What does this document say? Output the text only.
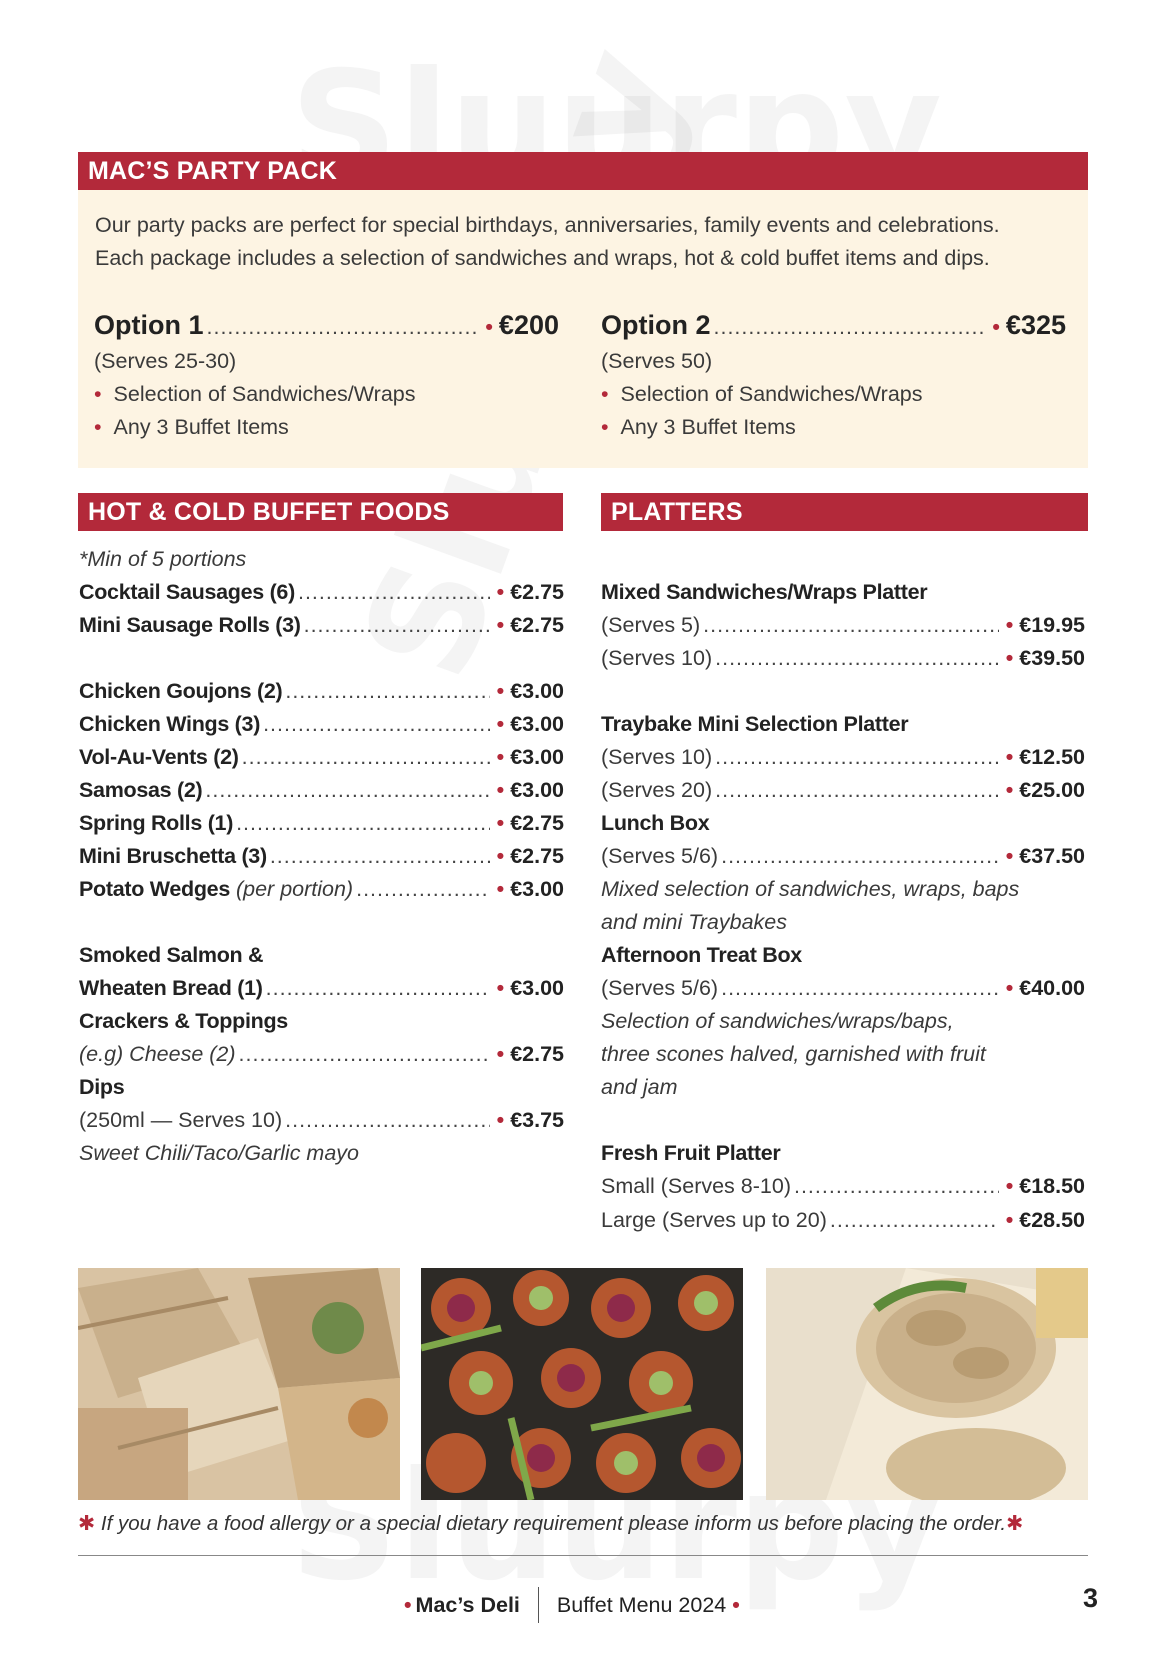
MAC’S PARTY PACK
Our party packs are perfect for special birthdays, anniversaries, family events and celebrations.
Each package includes a selection of sandwiches and wraps, hot & cold buffet items and dips.
Option 1 .....	• €200
(Serves 25-30)
• Selection of Sandwiches/Wraps
• Any 3 Buffet Items
Option 2 .....	• €325
(Serves 50)
• Selection of Sandwiches/Wraps
• Any 3 Buffet Items
HOT & COLD BUFFET FOODS
*Min of 5 portions
Cocktail Sausages (6) .....	• €2.75
Mini Sausage Rolls (3) .....	• €2.75
Chicken Goujons (2) .....	• €3.00
Chicken Wings (3) .....	• €3.00
Vol-Au-Vents (2) .....	• €3.00
Samosas (2) .....	• €3.00
Spring Rolls (1) .....	• €2.75
Mini Bruschetta (3) .....	• €2.75
Potato Wedges
(per portion) .....	• €3.00
Smoked Salmon &
Wheaten Bread (1) .....	• €3.00
Crackers & Toppings
(e.g) Cheese (2) .....	• €2.75
Dips
(250ml — Serves 10) .....	• €3.75
Sweet Chili/Taco/Garlic mayo
PLATTERS
Mixed Sandwiches/Wraps Platter
(Serves 5) .....	• €19.95
(Serves 10) .....	• €39.50
Traybake Mini Selection Platter
(Serves 10) .....	• €12.50
(Serves 20) .....	• €25.00
Lunch Box
(Serves 5/6) .....	• €37.50
Mixed selection of sandwiches, wraps, baps
and mini Traybakes
Afternoon Treat Box
(Serves 5/6) .....	• €40.00
Selection of sandwiches/wraps/baps,
three scones halved, garnished with fruit
and jam
Fresh Fruit Platter
Small (Serves 8-10) .....	• €18.50
Large (Serves up to 20) .....	• €28.50
✱ If you have a food allergy or a special dietary requirement please inform us before placing the order.✱
• Mac’s Deli Buffet Menu 2024 •	3
